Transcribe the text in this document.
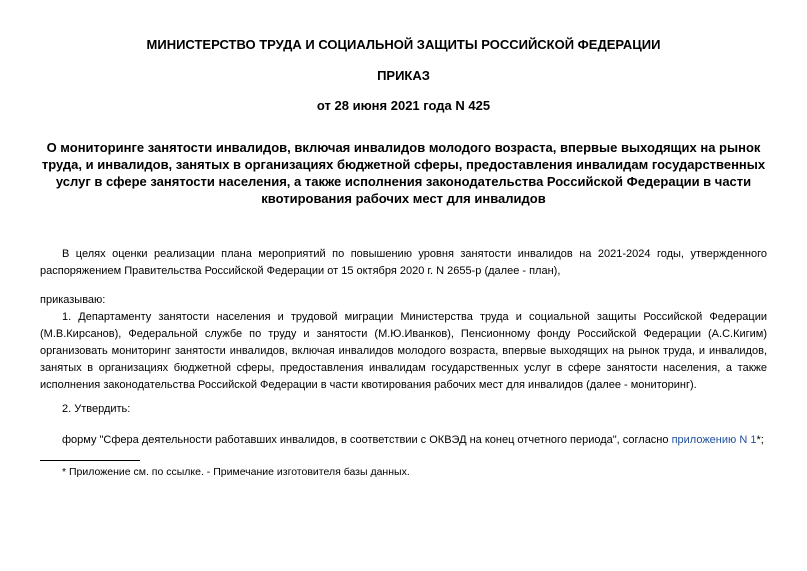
МИНИСТЕРСТВО ТРУДА И СОЦИАЛЬНОЙ ЗАЩИТЫ РОССИЙСКОЙ ФЕДЕРАЦИИ
ПРИКАЗ
от 28 июня 2021 года N 425
О мониторинге занятости инвалидов, включая инвалидов молодого возраста, впервые выходящих на рынок труда, и инвалидов, занятых в организациях бюджетной сферы, предоставления инвалидам государственных услуг в сфере занятости населения, а также исполнения законодательства Российской Федерации в части квотирования рабочих мест для инвалидов

В целях оценки реализации плана мероприятий по повышению уровня занятости инвалидов на 2021-2024 годы, утвержденного распоряжением Правительства Российской Федерации от 15 октября 2020 г. N 2655-р (далее - план),

приказываю:

1. Департаменту занятости населения и трудовой миграции Министерства труда и социальной защиты Российской Федерации (М.В.Кирсанов), Федеральной службе по труду и занятости (М.Ю.Иванков), Пенсионному фонду Российской Федерации (А.С.Кигим) организовать мониторинг занятости инвалидов, включая инвалидов молодого возраста, впервые выходящих на рынок труда, и инвалидов, занятых в организациях бюджетной сферы, предоставления инвалидам государственных услуг в сфере занятости населения, а также исполнения законодательства Российской Федерации в части квотирования рабочих мест для инвалидов (далее - мониторинг).

2. Утвердить:

форму "Сфера деятельности работавших инвалидов, в соответствии с ОКВЭД на конец отчетного периода", согласно приложению N 1*;

* Приложение см. по ссылке. - Примечание изготовителя базы данных.
